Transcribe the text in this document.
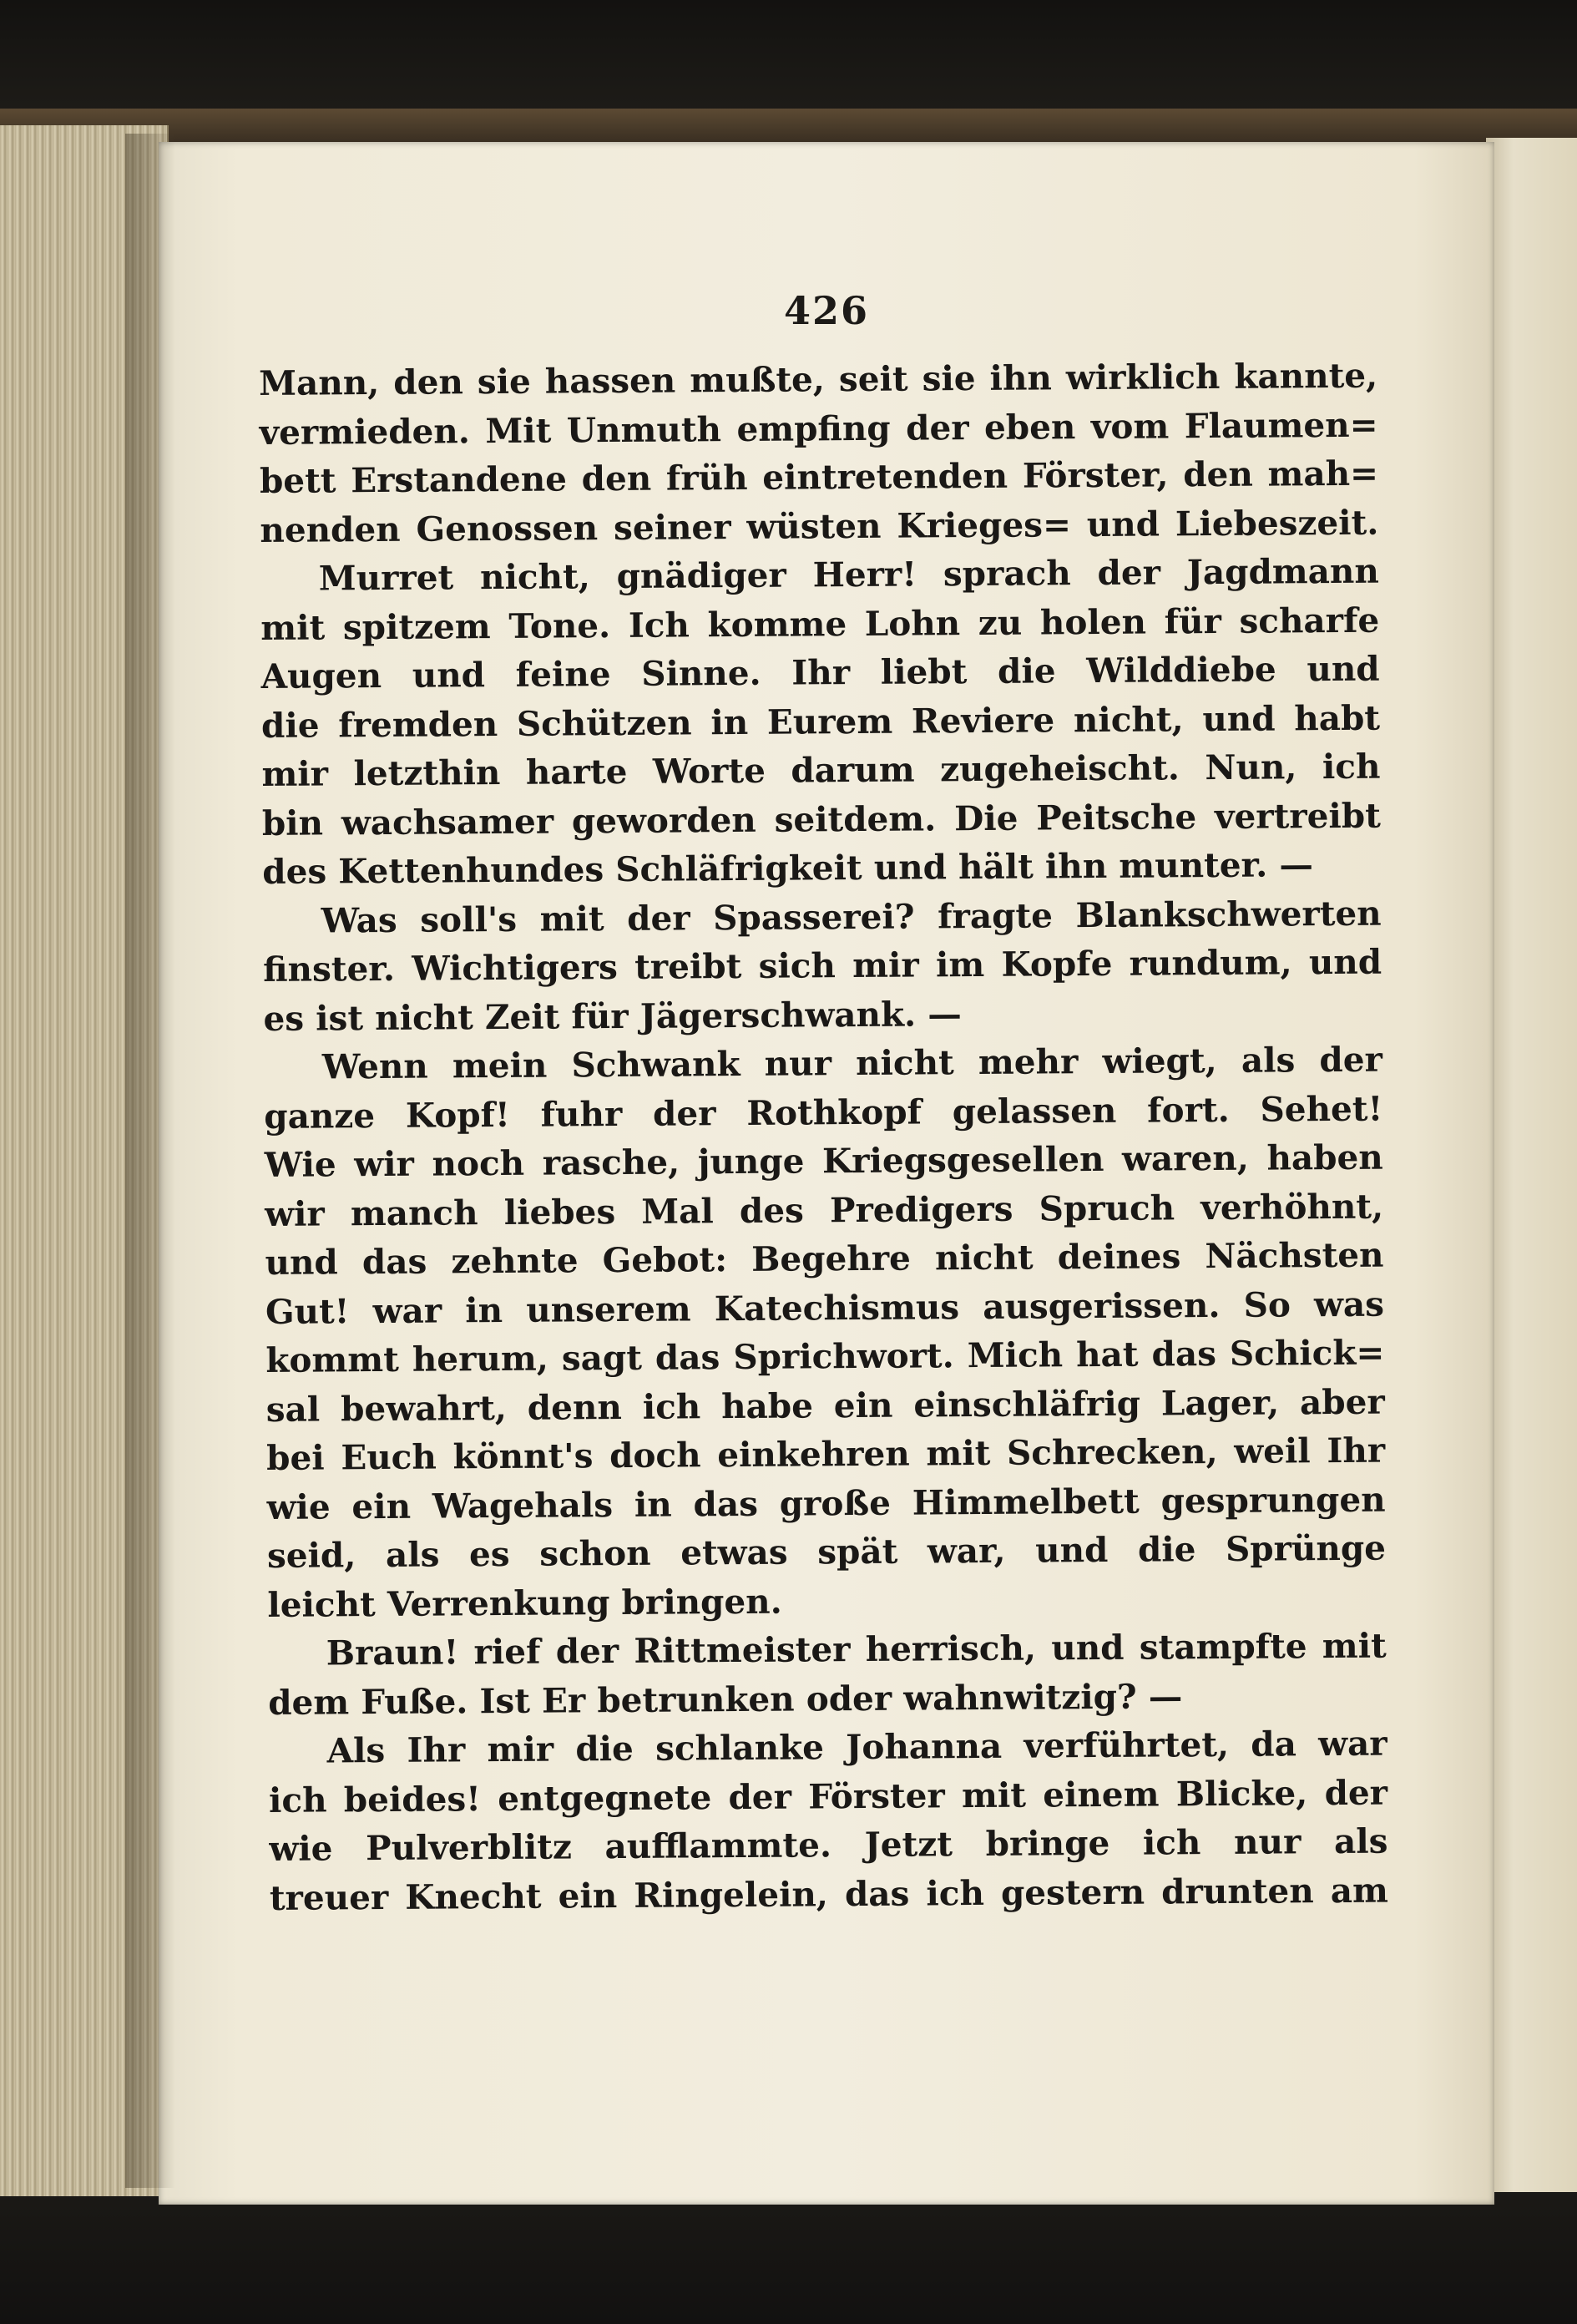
426
Mann, den sie hassen mußte, seit sie ihn wirklich kannte,
vermieden. Mit Unmuth empfing der eben vom Flaumen=
bett Erstandene den früh eintretenden Förster, den mah=
nenden Genossen seiner wüsten Krieges= und Liebeszeit.
Murret nicht, gnädiger Herr! sprach der Jagdmann
mit spitzem Tone. Ich komme Lohn zu holen für scharfe
Augen und feine Sinne. Ihr liebt die Wilddiebe und
die fremden Schützen in Eurem Reviere nicht, und habt
mir letzthin harte Worte darum zugeheischt. Nun, ich
bin wachsamer geworden seitdem. Die Peitsche vertreibt
des Kettenhundes Schläfrigkeit und hält ihn munter. —
Was soll's mit der Spasserei? fragte Blankschwerten
finster. Wichtigers treibt sich mir im Kopfe rundum, und
es ist nicht Zeit für Jägerschwank. —
Wenn mein Schwank nur nicht mehr wiegt, als der
ganze Kopf! fuhr der Rothkopf gelassen fort. Sehet!
Wie wir noch rasche, junge Kriegsgesellen waren, haben
wir manch liebes Mal des Predigers Spruch verhöhnt,
und das zehnte Gebot: Begehre nicht deines Nächsten
Gut! war in unserem Katechismus ausgerissen. So was
kommt herum, sagt das Sprichwort. Mich hat das Schick=
sal bewahrt, denn ich habe ein einschläfrig Lager, aber
bei Euch könnt's doch einkehren mit Schrecken, weil Ihr
wie ein Wagehals in das große Himmelbett gesprungen
seid, als es schon etwas spät war, und die Sprünge
leicht Verrenkung bringen.
Braun! rief der Rittmeister herrisch, und stampfte mit
dem Fuße. Ist Er betrunken oder wahnwitzig? —
Als Ihr mir die schlanke Johanna verführtet, da war
ich beides! entgegnete der Förster mit einem Blicke, der
wie Pulverblitz aufflammte. Jetzt bringe ich nur als
treuer Knecht ein Ringelein, das ich gestern drunten am
